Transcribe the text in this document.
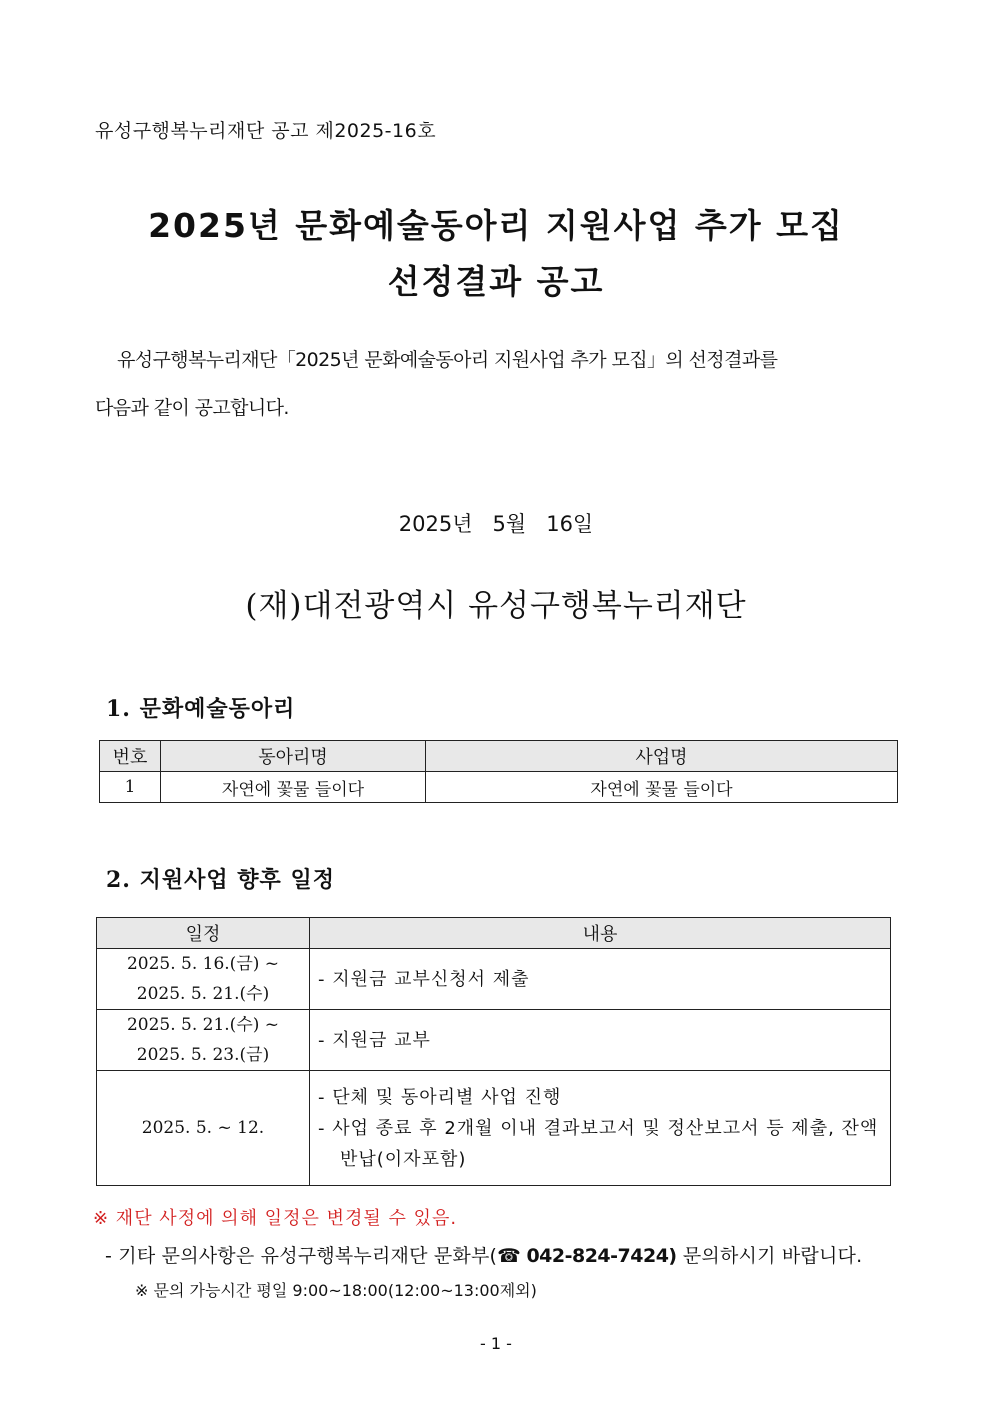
유성구행복누리재단 공고 제2025-16호
2025년 문화예술동아리 지원사업 추가 모집
선정결과 공고
유성구행복누리재단「2025년 문화예술동아리 지원사업 추가 모집」의 선정결과를
다음과 같이 공고합니다.
2025년   5월   16일
(재)대전광역시 유성구행복누리재단
1. 문화예술동아리
번호	동아리명	사업명
1	자연에 꽃물 들이다	자연에 꽃물 들이다
2. 지원사업 향후 일정
일정	내용

2025. 5. 16.(금) ~
2025. 5. 21.(수)	- 지원금 교부신청서 제출

2025. 5. 21.(수) ~
2025. 5. 23.(금)	- 지원금 교부

2025. 5. ~ 12.	- 단체 및 동아리별 사업 진행
- 사업 종료 후 2개월 이내 결과보고서 및 정산보고서 등 제출, 잔액 반납(이자포함)
※ 재단 사정에 의해 일정은 변경될 수 있음.
- 기타 문의사항은 유성구행복누리재단 문화부(☎ 042-824-7424) 문의하시기 바랍니다.
※ 문의 가능시간 평일 9:00~18:00(12:00~13:00제외)
- 1 -
